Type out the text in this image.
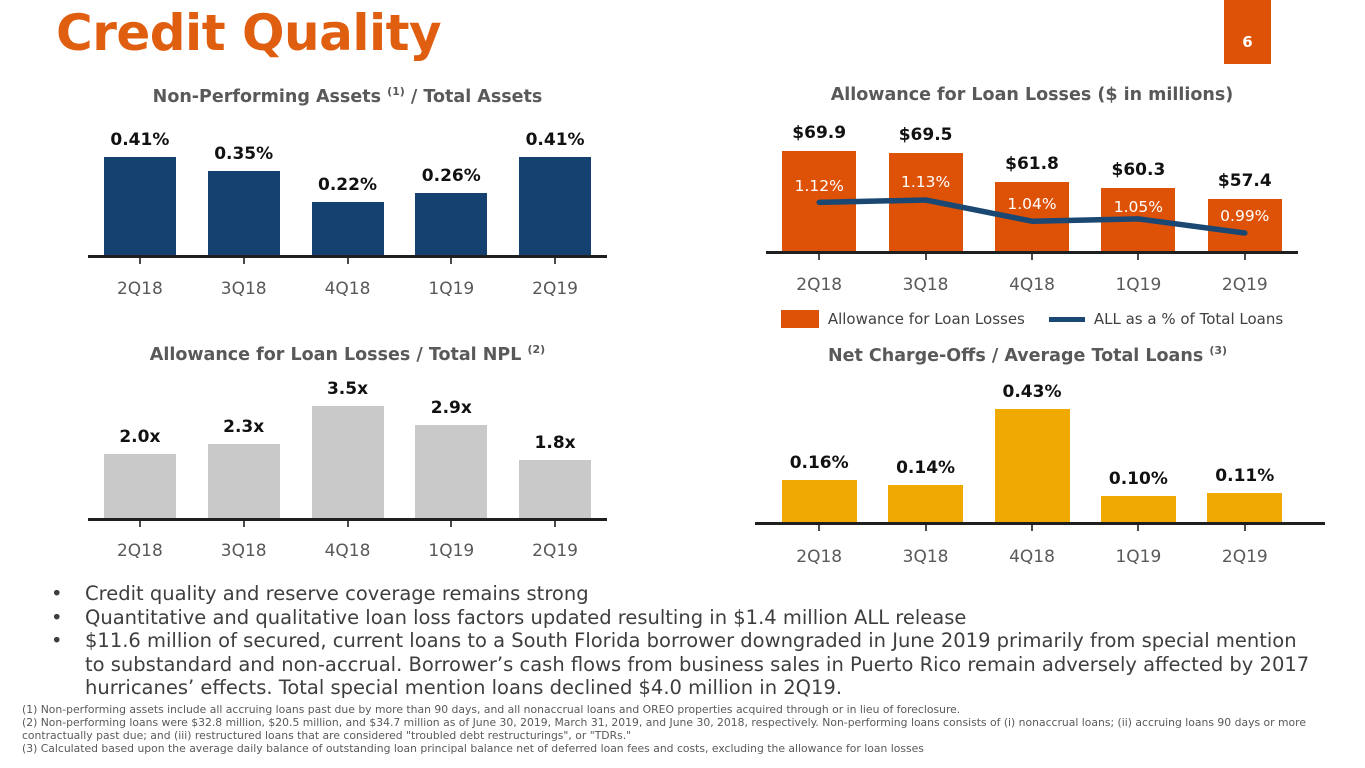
Credit Quality	6
Non-Performing Assets $^{(1)}$ / Total Assets	Allowance for Loan Losses ($ in millions)
Allowance for Loan Losses / Total NPL $^{(2)}$	Net Charge-Offs / Average Total Loans $^{(3)}$
0.41%
2Q18
0.35%
3Q18
0.22%
4Q18
0.26%
1Q19
0.41%
2Q19
$69.9
1.12%
2Q18
$69.5
1.13%
3Q18
$61.8
1.04%
4Q18
$60.3
1.05%
1Q19
$57.4
0.99%
2Q19
2.0x
2Q18
2.3x
3Q18
3.5x
4Q18
2.9x
1Q19
1.8x
2Q19
0.16%
2Q18
0.14%
3Q18
0.43%
4Q18
0.10%
1Q19
0.11%
2Q19
Allowance for Loan Losses	ALL as a % of Total Loans
• Credit quality and reserve coverage remains strong
• Quantitative and qualitative loan loss factors updated resulting in $1.4 million ALL release
• $11.6 million of secured, current loans to a South Florida borrower downgraded in June 2019 primarily from special mention to substandard and non-accrual. Borrower’s cash flows from business sales in Puerto Rico remain adversely affected by 2017 hurricanes’ effects. Total special mention loans declined $4.0 million in 2Q19.

(1) Non-performing assets include all accruing loans past due by more than 90 days, and all nonaccrual loans and OREO properties acquired through or in lieu of foreclosure.

(2) Non-performing loans were $32.8 million, $20.5 million, and $34.7 million as of June 30, 2019, March 31, 2019, and June 30, 2018, respectively. Non-performing loans consists of (i) nonaccrual loans; (ii) accruing loans 90 days or more contractually past due; and (iii) restructured loans that are considered "troubled debt restructurings", or "TDRs."

(3) Calculated based upon the average daily balance of outstanding loan principal balance net of deferred loan fees and costs, excluding the allowance for loan losses
